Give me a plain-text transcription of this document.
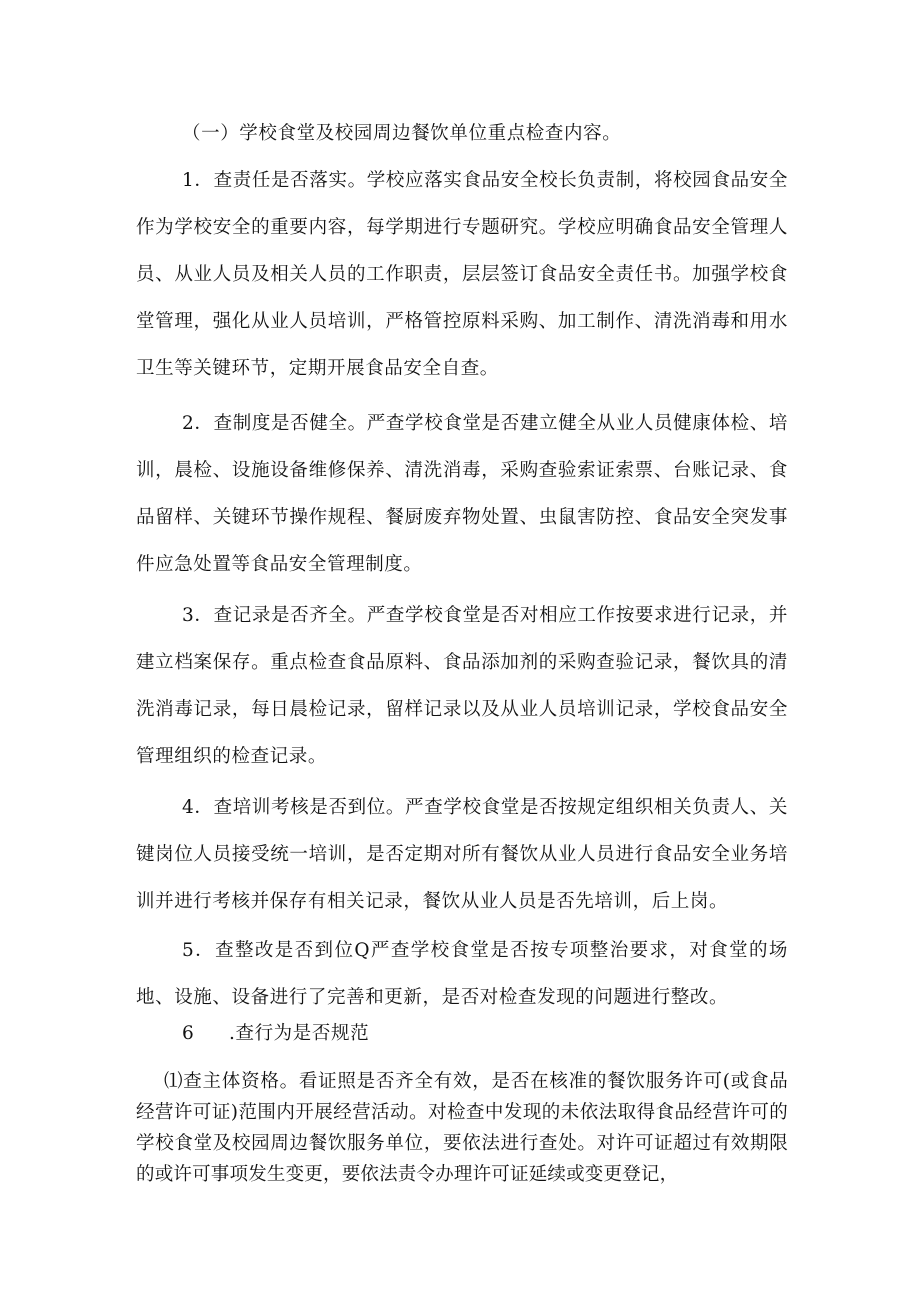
（一）学校食堂及校园周边餐饮单位重点检查内容。

1．查责任是否落实。学校应落实食品安全校长负责制，将校园食品安全作为学校安全的重要内容，每学期进行专题研究。学校应明确食品安全管理人员、从业人员及相关人员的工作职责，层层签订食品安全责任书。加强学校食堂管理，强化从业人员培训，严格管控原料采购、加工制作、清洗消毒和用水卫生等关键环节，定期开展食品安全自查。

2．查制度是否健全。严查学校食堂是否建立健全从业人员健康体检、培训，晨检、设施设备维修保养、清洗消毒，采购查验索证索票、台账记录、食品留样、关键环节操作规程、餐厨废弃物处置、虫鼠害防控、食品安全突发事件应急处置等食品安全管理制度。

3．查记录是否齐全。严查学校食堂是否对相应工作按要求进行记录，并建立档案保存。重点检查食品原料、食品添加剂的采购查验记录，餐饮具的清洗消毒记录，每日晨检记录，留样记录以及从业人员培训记录，学校食品安全管理组织的检查记录。

4．查培训考核是否到位。严查学校食堂是否按规定组织相关负责人、关键岗位人员接受统一培训，是否定期对所有餐饮从业人员进行食品安全业务培训并进行考核并保存有相关记录，餐饮从业人员是否先培训，后上岗。

5．查整改是否到位Q严查学校食堂是否按专项整治要求，对食堂的场地、设施、设备进行了完善和更新，是否对检查发现的问题进行整改。

6 .查行为是否规范

⑴查主体资格。看证照是否齐全有效，是否在核准的餐饮服务许可(或食品经营许可证)范围内开展经营活动。对检查中发现的未依法取得食品经营许可的学校食堂及校园周边餐饮服务单位，要依法进行查处。对许可证超过有效期限的或许可事项发生变更，要依法责令办理许可证延续或变更登记，
